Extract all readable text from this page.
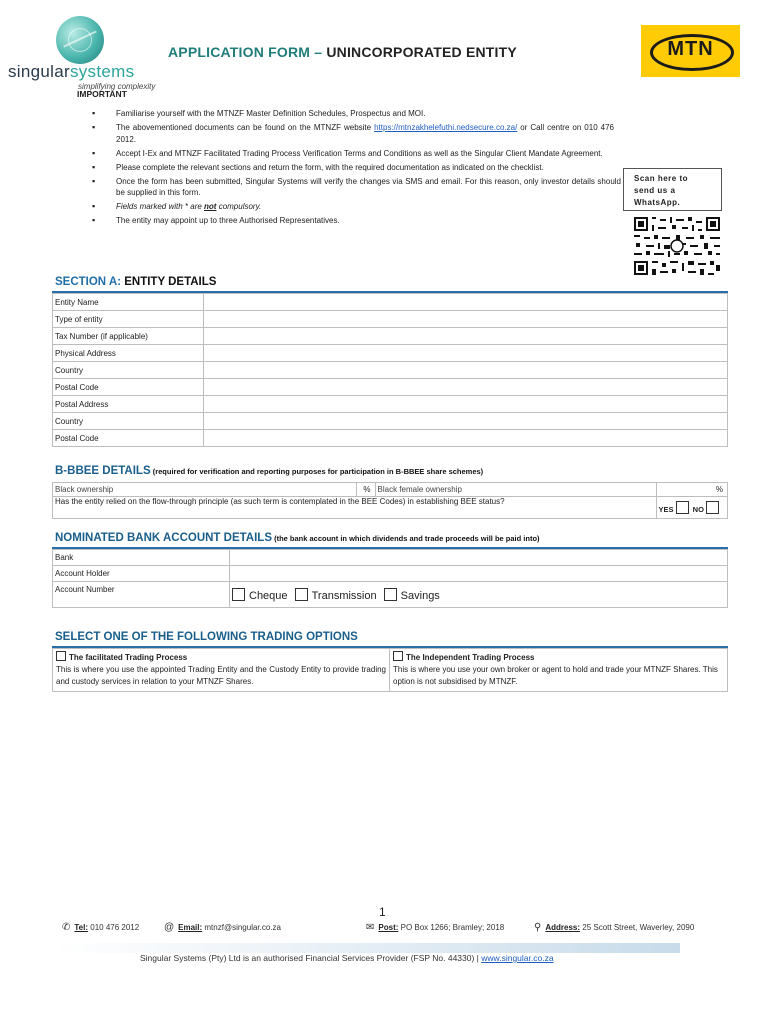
singularsystems
simplifying complexity
APPLICATION FORM – UNINCORPORATED ENTITY	MTN
IMPORTANT
▪ Familiarise yourself with the MTNZF Master Definition Schedules, Prospectus and MOI.
▪ The abovementioned documents can be found on the MTNZF website https://mtnzakhelefuthi.nedsecure.co.za/ or Call centre on 010 476 2012.
▪ Accept I-Ex and MTNZF Facilitated Trading Process Verification Terms and Conditions as well as the Singular Client Mandate Agreement.
▪ Please complete the relevant sections and return the form, with the required documentation as indicated on the checklist.
▪ Once the form has been submitted, Singular Systems will verify the changes via SMS and email. For this reason, only investor details should be supplied in this form.
▪ Fields marked with * are not compulsory.
▪ The entity may appoint up to three Authorised Representatives.
Scan here to
send us a
WhatsApp.
SECTION A: ENTITY DETAILS
Entity Name	
Type of entity	
Tax Number (if applicable)	
Physical Address	
Country	
Postal Code	
Postal Address	
Country	
Postal Code	
B-BBEE DETAILS (required for verification and reporting purposes for participation in B-BBEE share schemes)
Black ownership	%	Black female ownership	%
Has the entity relied on the flow-through principle (as such term is contemplated in the BEE Codes) in establishing BEE status?			YES NO
NOMINATED BANK ACCOUNT DETAILS (the bank account in which dividends and trade proceeds will be paid into)
Bank	
Account Holder	
Account Number	Cheque Transmission Savings
SELECT ONE OF THE FOLLOWING TRADING OPTIONS
The facilitated Trading Process
This is where you use the appointed Trading Entity and the Custody Entity to provide trading and custody services in relation to your MTNZF Shares.

The Independent Trading Process
This is where you use your own broker or agent to hold and trade your MTNZF Shares. This option is not subsidised by MTNZF.
1
✆ Tel: 010 476 2012 @ Email: mtnzf@singular.co.za	✉ Post: PO Box 1266; Bramley; 2018	⚲ Address: 25 Scott Street, Waverley, 2090
Singular Systems (Pty) Ltd is an authorised Financial Services Provider (FSP No. 44330) | www.singular.co.za
